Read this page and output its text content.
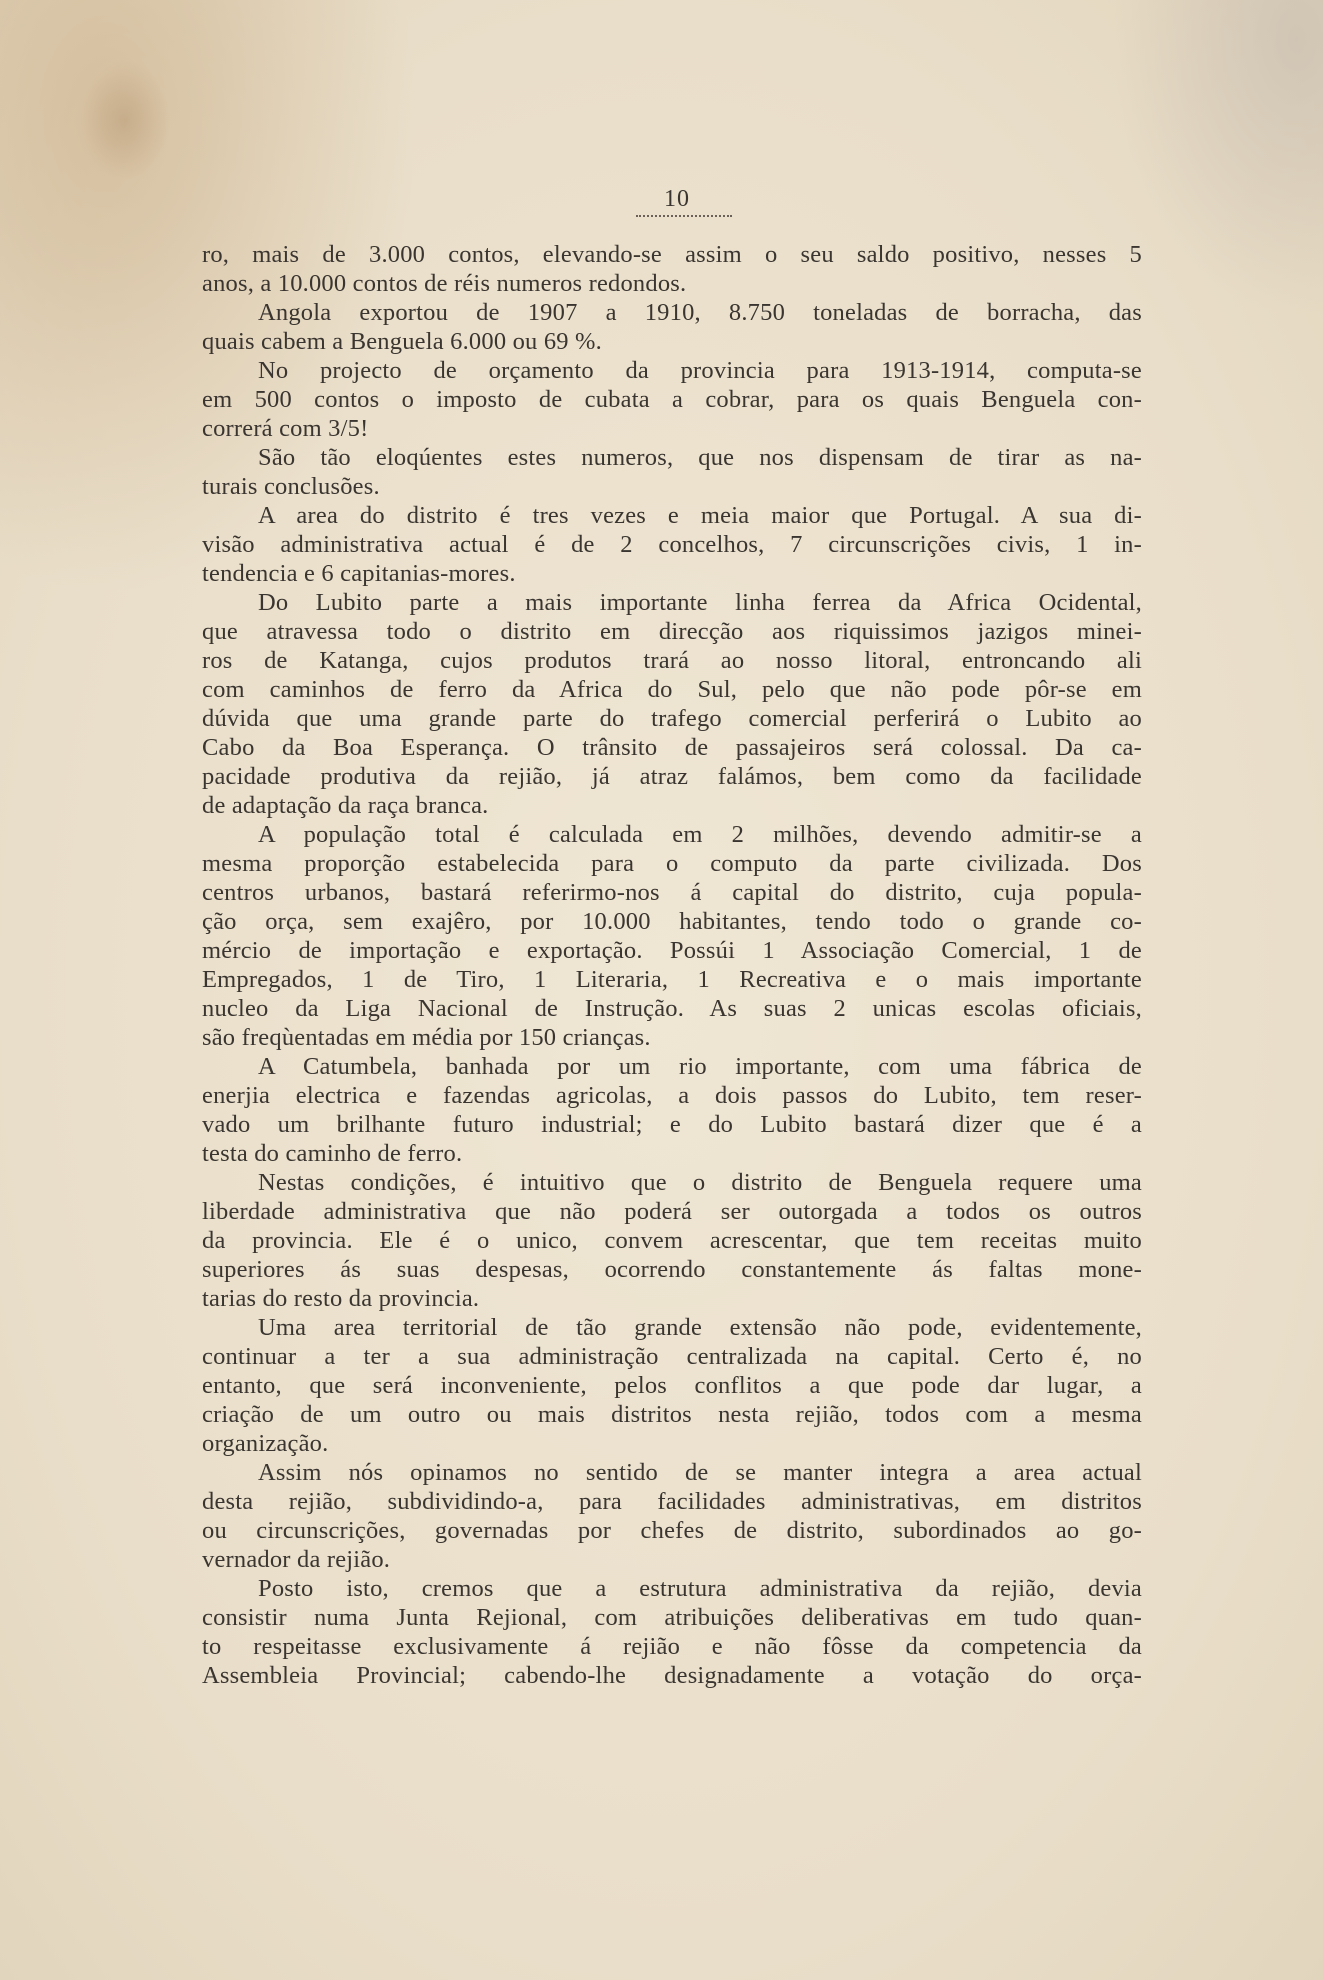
10
ro, mais de 3.000 contos, elevando-se assim o seu saldo positivo, nesses 5
anos, a 10.000 contos de réis numeros redondos.
Angola exportou de 1907 a 1910, 8.750 toneladas de borracha, das
quais cabem a Benguela 6.000 ou 69 %.
No projecto de orçamento da provincia para 1913-1914, computa-se
em 500 contos o imposto de cubata a cobrar, para os quais Benguela con-
correrá com 3/5!
São tão eloqúentes estes numeros, que nos dispensam de tirar as na-
turais conclusões.
A area do distrito é tres vezes e meia maior que Portugal. A sua di-
visão administrativa actual é de 2 concelhos, 7 circunscrições civis, 1 in-
tendencia e 6 capitanias-mores.
Do Lubito parte a mais importante linha ferrea da Africa Ocidental,
que atravessa todo o distrito em direcção aos riquissimos jazigos minei-
ros de Katanga, cujos produtos trará ao nosso litoral, entroncando ali
com caminhos de ferro da Africa do Sul, pelo que não pode pôr-se em
dúvida que uma grande parte do trafego comercial perferirá o Lubito ao
Cabo da Boa Esperança. O trânsito de passajeiros será colossal. Da ca-
pacidade produtiva da rejião, já atraz falámos, bem como da facilidade
de adaptação da raça branca.
A população total é calculada em 2 milhões, devendo admitir-se a
mesma proporção estabelecida para o computo da parte civilizada. Dos
centros urbanos, bastará referirmo-nos á capital do distrito, cuja popula-
ção orça, sem exajêro, por 10.000 habitantes, tendo todo o grande co-
mércio de importação e exportação. Possúi 1 Associação Comercial, 1 de
Empregados, 1 de Tiro, 1 Literaria, 1 Recreativa e o mais importante
nucleo da Liga Nacional de Instrução. As suas 2 unicas escolas oficiais,
são freqùentadas em média por 150 crianças.
A Catumbela, banhada por um rio importante, com uma fábrica de
enerjia electrica e fazendas agricolas, a dois passos do Lubito, tem reser-
vado um brilhante futuro industrial; e do Lubito bastará dizer que é a
testa do caminho de ferro.
Nestas condições, é intuitivo que o distrito de Benguela requere uma
liberdade administrativa que não poderá ser outorgada a todos os outros
da provincia. Ele é o unico, convem acrescentar, que tem receitas muito
superiores ás suas despesas, ocorrendo constantemente ás faltas mone-
tarias do resto da provincia.
Uma area territorial de tão grande extensão não pode, evidentemente,
continuar a ter a sua administração centralizada na capital. Certo é, no
entanto, que será inconveniente, pelos conflitos a que pode dar lugar, a
criação de um outro ou mais distritos nesta rejião, todos com a mesma
organização.
Assim nós opinamos no sentido de se manter integra a area actual
desta rejião, subdividindo-a, para facilidades administrativas, em distritos
ou circunscrições, governadas por chefes de distrito, subordinados ao go-
vernador da rejião.
Posto isto, cremos que a estrutura administrativa da rejião, devia
consistir numa Junta Rejional, com atribuições deliberativas em tudo quan-
to respeitasse exclusivamente á rejião e não fôsse da competencia da
Assembleia Provincial; cabendo-lhe designadamente a votação do orça-
